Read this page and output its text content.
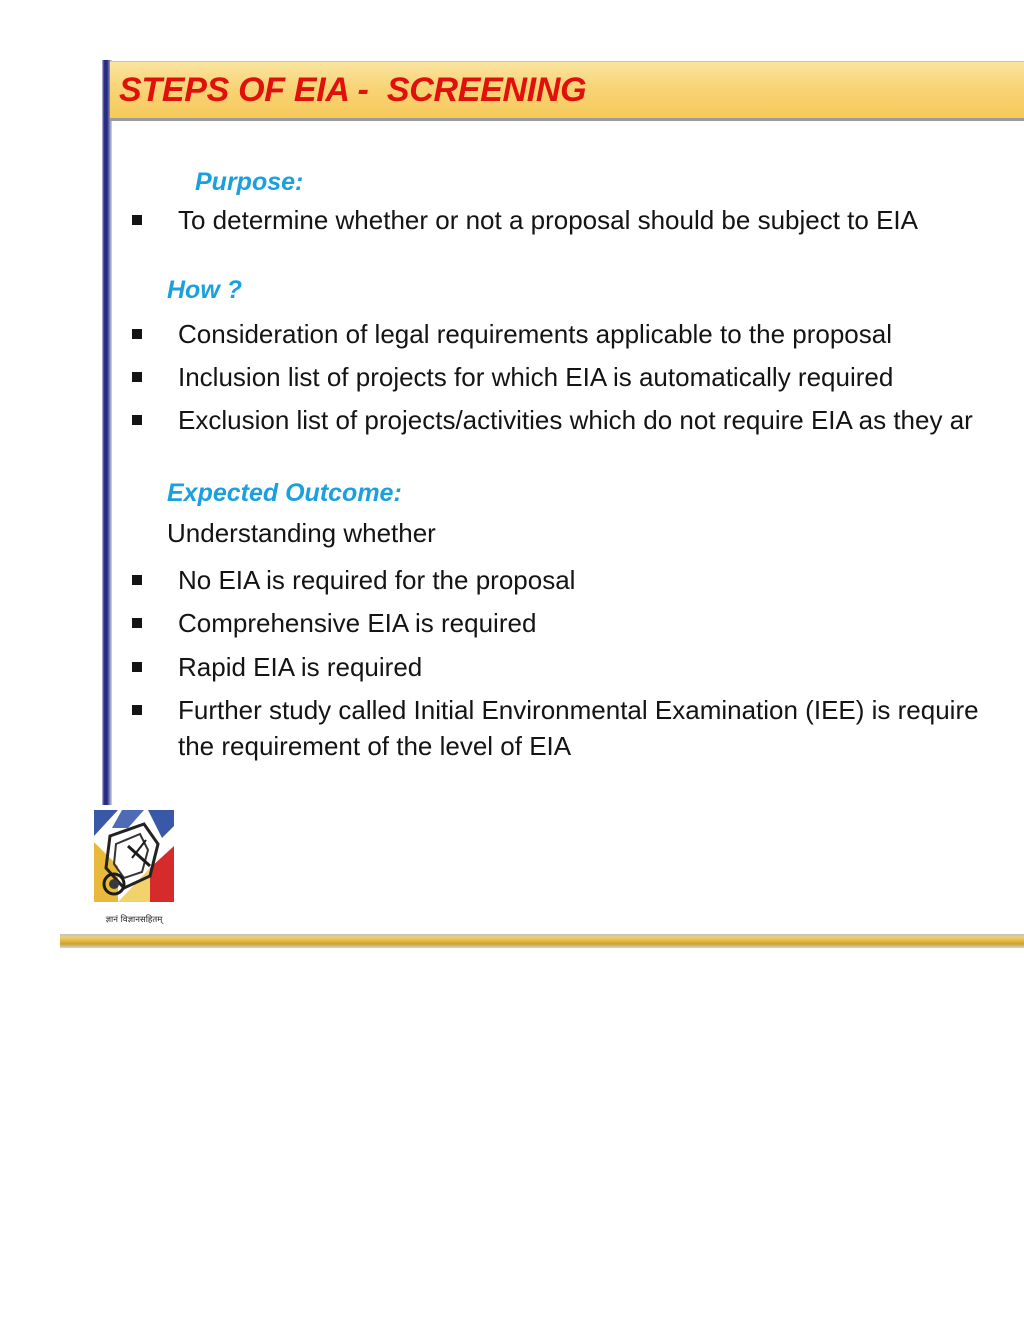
STEPS OF EIA -  SCREENING

Purpose:

To determine whether or not a proposal should be subject to EIA

How ?

Consideration of legal requirements applicable to the proposal
Inclusion list of projects for which EIA is automatically required
Exclusion list of projects/activities which do not require EIA as they ar

Expected Outcome:

Understanding whether

No EIA is required for the proposal
Comprehensive EIA is required
Rapid EIA is required
Further study called Initial Environmental Examination (IEE) is require
the requirement of the level of EIA
ज्ञानं विज्ञानसहितम्
